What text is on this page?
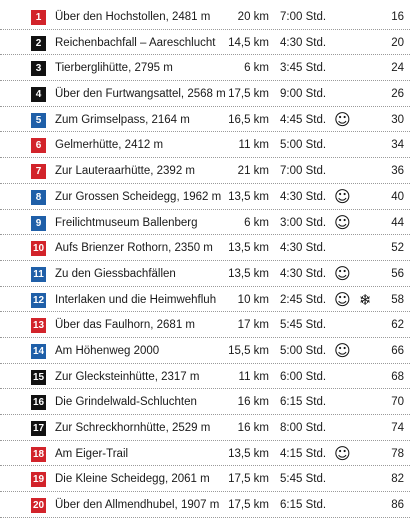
1	Über den Hochstollen, 2481 m 20 km 7:00 Std.	16
2	Reichenbachfall – Aareschlucht 14,5 km 4:30 Std.	20
3	Tierberglihütte, 2795 m	6 km 3:45 Std.	24
4	Über den Furtwangsattel, 2568 m 17,5 km 9:00 Std.	26
5	Zum Grimselpass, 2164 m	16,5 km 4:45 Std. ☺	30
6	Gelmerhütte, 2412 m	11 km 5:00 Std.	34
7	Zur Lauteraarhütte, 2392 m	21 km 7:00 Std.	36
8	Zur Grossen Scheidegg, 1962 m 13,5 km 4:30 Std. ☺	40
9	Freilichtmuseum Ballenberg	6 km 3:00 Std. ☺	44
10 Aufs Brienzer Rothorn, 2350 m 13,5 km 4:30 Std.	52
11 Zu den Giessbachfällen	13,5 km 4:30 Std. ☺	56
12 Interlaken und die Heimwehfluh 10 km 2:45 Std. ☺ ❄ 58
13 Über das Faulhorn, 2681 m	17 km 5:45 Std.	62
14 Am Höhenweg 2000	15,5 km 5:00 Std. ☺	66
15 Zur Glecksteinhütte, 2317 m	11 km 6:00 Std.	68
16 Die Grindelwald-Schluchten	16 km 6:15 Std.	70
17 Zur Schreckhornhütte, 2529 m 16 km 8:00 Std.	74
18 Am Eiger-Trail	13,5 km 4:15 Std. ☺	78
19 Die Kleine Scheidegg, 2061 m 17,5 km 5:45 Std.	82
20 Über den Allmendhubel, 1907 m 17,5 km 6:15 Std.	86
